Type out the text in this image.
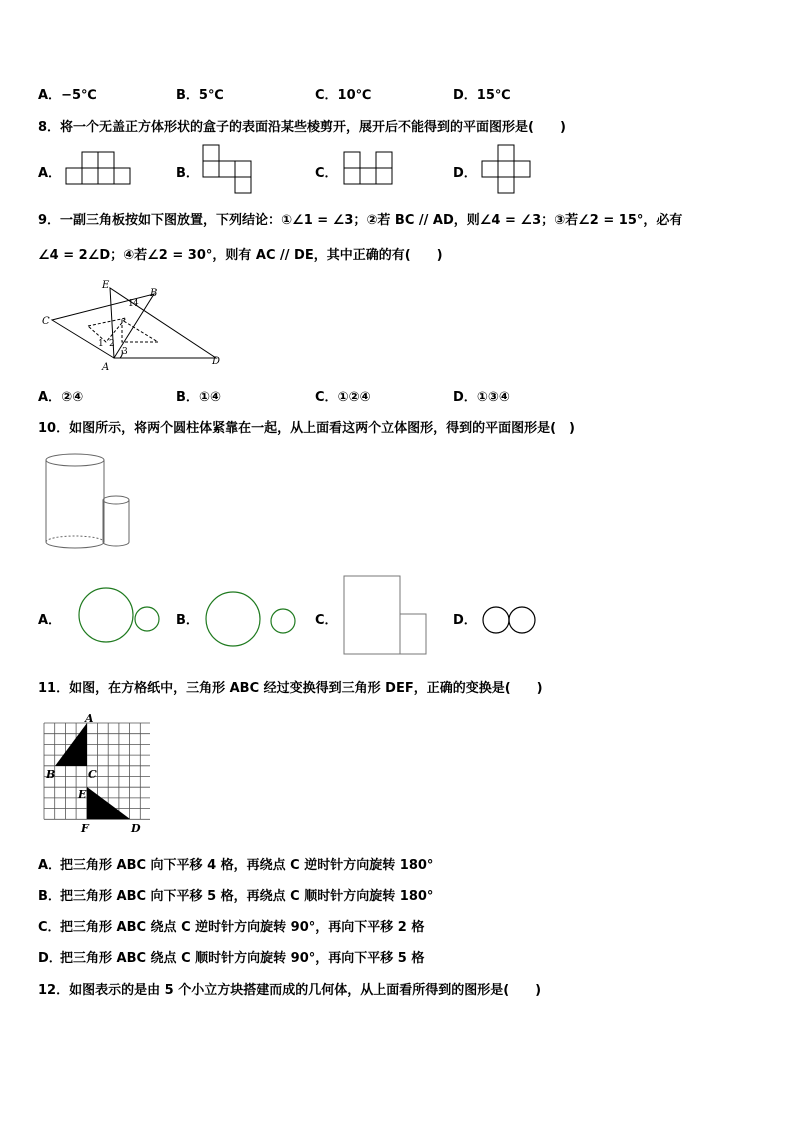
A．−5℃	B．5℃	C．10℃	D．15℃
8．将一个无盖正方体形状的盒子的表面沿某些棱剪开，展开后不能得到的平面图形是(　　)
A．	B．	C．	D．
9．一副三角板按如下图放置，下列结论：①∠1 = ∠3；②若 BC // AD，则∠4 = ∠3；③若∠2 = 15°，必有
∠4 = 2∠D；④若∠2 = 30°，则有 AC // DE，其中正确的有(　　)
E
B
C
A
D
1 2
3
1 4
A．②④	B．①④	C．①②④	D．①③④
10．如图所示，将两个圆柱体紧靠在一起，从上面看这两个立体图形，得到的平面图形是(　)
A．	B．	C．	D．
11．如图，在方格纸中，三角形 ABC 经过变换得到三角形 DEF，正确的变换是(　　)
A
B	C
E
F	D
A．
把三角形 ABC 向下平移 4 格，再绕点 C 逆时针方向旋转 180°
B． 把三角形 ABC 向下平移 5 格，再绕点 C 顺时针方向旋转 180°
C． 把三角形 ABC 绕点 C 逆时针方向旋转 90°，再向下平移 2 格
D．
把三角形 ABC 绕点 C 顺时针方向旋转 90°，再向下平移 5 格
12．如图表示的是由 5 个小立方块搭建而成的几何体，从上面看所得到的图形是(　　)
